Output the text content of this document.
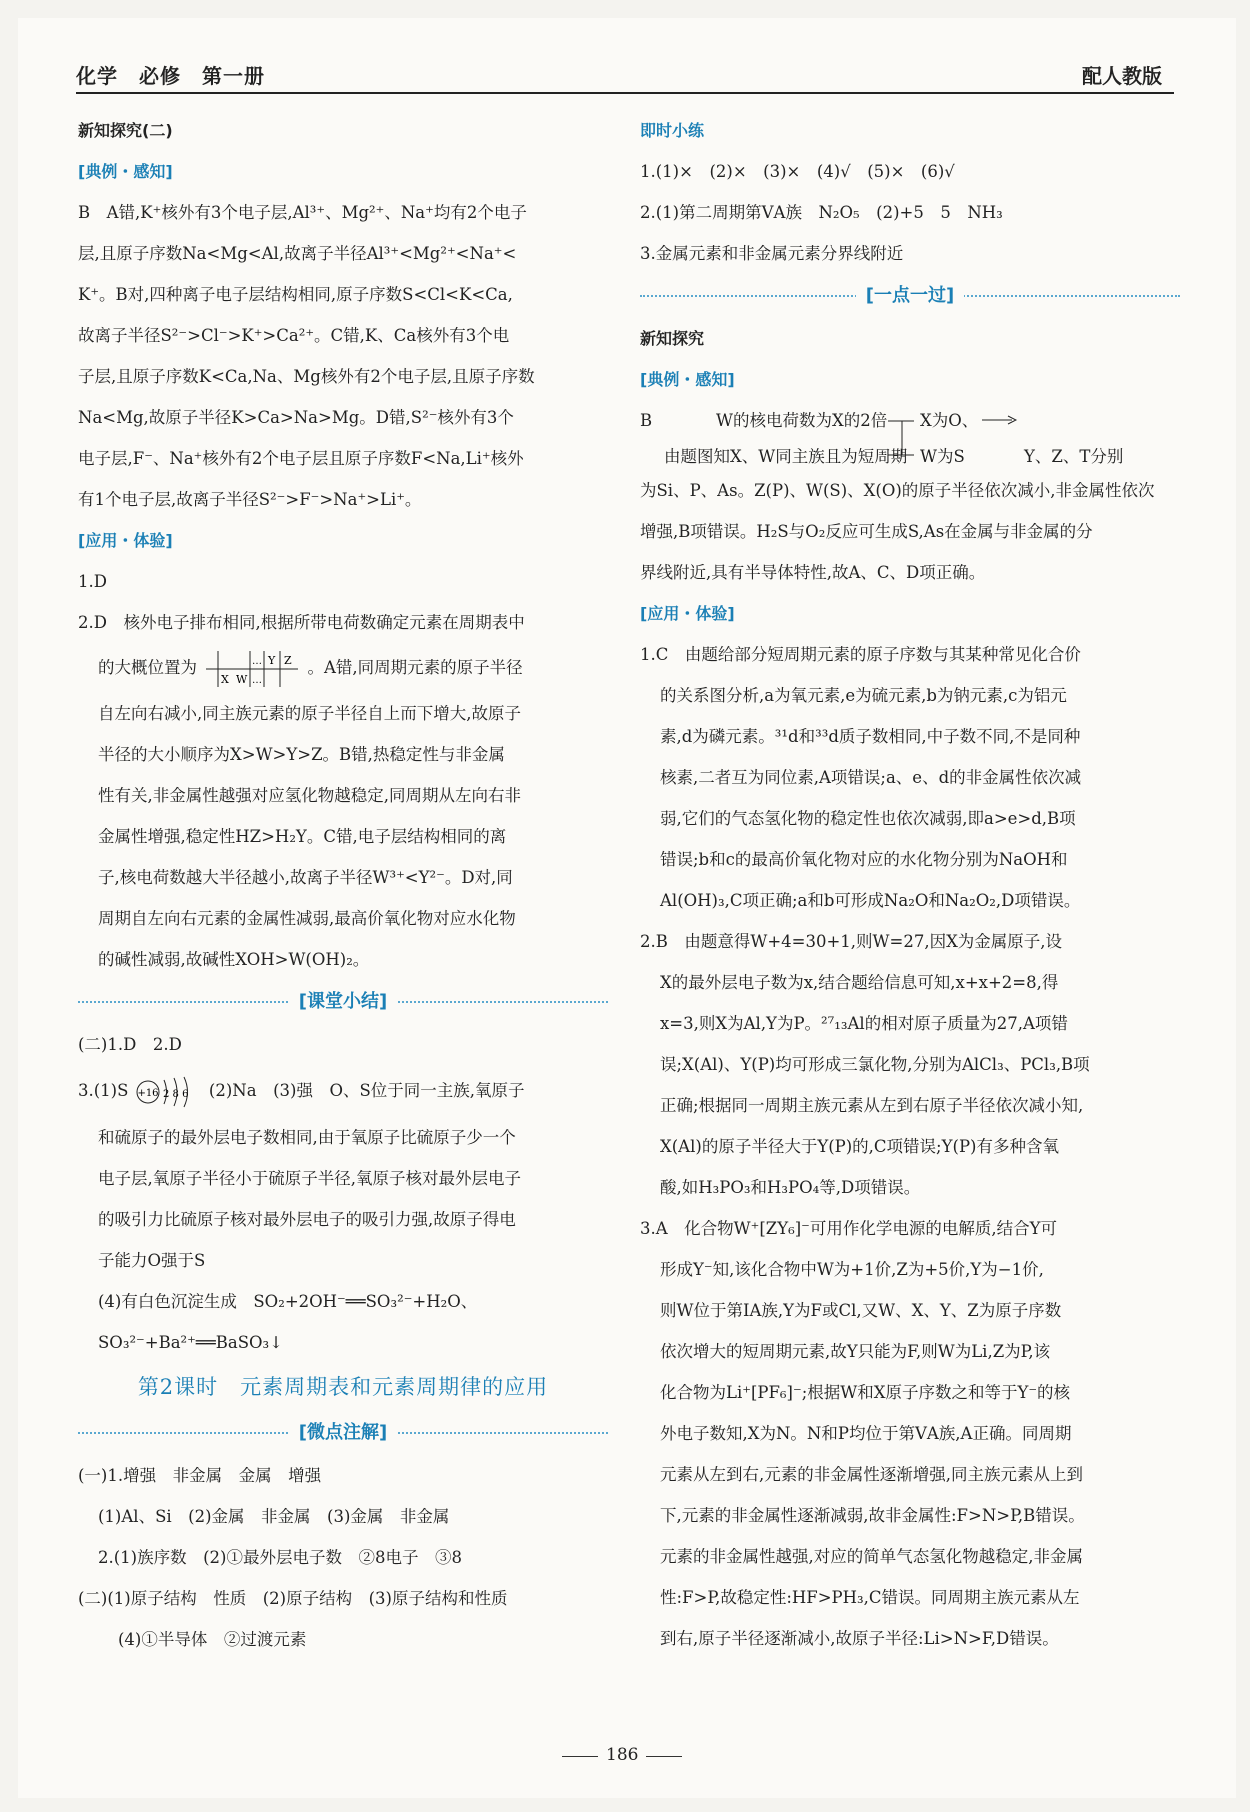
化学　必修　第一册	配人教版

新知探究(二)

[典例・感知]

B　A错,K⁺核外有3个电子层,Al³⁺、Mg²⁺、Na⁺均有2个电子

层,且原子序数Na<Mg<Al,故离子半径Al³⁺<Mg²⁺<Na⁺<

K⁺。B对,四种离子电子层结构相同,原子序数S<Cl<K<Ca,

故离子半径S²⁻>Cl⁻>K⁺>Ca²⁺。C错,K、Ca核外有3个电

子层,且原子序数K<Ca,Na、Mg核外有2个电子层,且原子序数

Na<Mg,故原子半径K>Ca>Na>Mg。D错,S²⁻核外有3个

电子层,F⁻、Na⁺核外有2个电子层且原子序数F<Na,Li⁺核外

有1个电子层,故离子半径S²⁻>F⁻>Na⁺>Li⁺。

[应用・体验]

1.D

2.D　核外电子排布相同,根据所带电荷数确定元素在周期表中

的大概位置为	… Y Z
X W …
。A错,同周期元素的原子半径

自左向右减小,同主族元素的原子半径自上而下增大,故原子

半径的大小顺序为X>W>Y>Z。B错,热稳定性与非金属

性有关,非金属性越强对应氢化物越稳定,同周期从左向右非

金属性增强,稳定性HZ>H₂Y。C错,电子层结构相同的离

子,核电荷数越大半径越小,故离子半径W³⁺<Y²⁻。D对,同

周期自左向右元素的金属性减弱,最高价氧化物对应水化物

的碱性减弱,故碱性XOH>W(OH)₂。

[课堂小结]

(二)1.D　2.D

3.(1)S +16 2 8 6 (2)Na　(3)强　O、S位于同一主族,氧原子

和硫原子的最外层电子数相同,由于氧原子比硫原子少一个

电子层,氧原子半径小于硫原子半径,氧原子核对最外层电子

的吸引力比硫原子核对最外层电子的吸引力强,故原子得电

子能力O强于S

(4)有白色沉淀生成　SO₂+2OH⁻══SO₃²⁻+H₂O、

SO₃²⁻+Ba²⁺══BaSO₃↓

第2课时　元素周期表和元素周期律的应用
[微点注解]

(一)1.增强　非金属　金属　增强

(1)Al、Si　(2)金属　非金属　(3)金属　非金属

2.(1)族序数　(2)①最外层电子数　②8电子　③8

(二)(1)原子结构　性质　(2)原子结构　(3)原子结构和性质

(4)①半导体　②过渡元素

即时小练

1.(1)×　(2)×　(3)×　(4)√　(5)×　(6)√

2.(1)第二周期第ⅤA族　N₂O₅　(2)+5　5　NH₃

3.金属元素和非金属元素分界线附近

[一点一过]

新知探究

[典例・感知]

B	W的核电荷数为X的2倍
由题图知X、W同主族且为短周期
X为O、
W为S	Y、Z、T分别

为Si、P、As。Z(P)、W(S)、X(O)的原子半径依次减小,非金属性依次

增强,B项错误。H₂S与O₂反应可生成S,As在金属与非金属的分

界线附近,具有半导体特性,故A、C、D项正确。

[应用・体验]

1.C　由题给部分短周期元素的原子序数与其某种常见化合价

的关系图分析,a为氧元素,e为硫元素,b为钠元素,c为铝元

素,d为磷元素。³¹d和³³d质子数相同,中子数不同,不是同种

核素,二者互为同位素,A项错误;a、e、d的非金属性依次减

弱,它们的气态氢化物的稳定性也依次减弱,即a>e>d,B项

错误;b和c的最高价氧化物对应的水化物分别为NaOH和

Al(OH)₃,C项正确;a和b可形成Na₂O和Na₂O₂,D项错误。

2.B　由题意得W+4=30+1,则W=27,因X为金属原子,设

X的最外层电子数为x,结合题给信息可知,x+x+2=8,得

x=3,则X为Al,Y为P。²⁷₁₃Al的相对原子质量为27,A项错

误;X(Al)、Y(P)均可形成三氯化物,分别为AlCl₃、PCl₃,B项

正确;根据同一周期主族元素从左到右原子半径依次减小知,

X(Al)的原子半径大于Y(P)的,C项错误;Y(P)有多种含氧

酸,如H₃PO₃和H₃PO₄等,D项错误。

3.A　化合物W⁺[ZY₆]⁻可用作化学电源的电解质,结合Y可

形成Y⁻知,该化合物中W为+1价,Z为+5价,Y为−1价,

则W位于第ⅠA族,Y为F或Cl,又W、X、Y、Z为原子序数

依次增大的短周期元素,故Y只能为F,则W为Li,Z为P,该

化合物为Li⁺[PF₆]⁻;根据W和X原子序数之和等于Y⁻的核

外电子数知,X为N。N和P均位于第ⅤA族,A正确。同周期

元素从左到右,元素的非金属性逐渐增强,同主族元素从上到

下,元素的非金属性逐渐减弱,故非金属性:F>N>P,B错误。

元素的非金属性越强,对应的简单气态氢化物越稳定,非金属

性:F>P,故稳定性:HF>PH₃,C错误。同周期主族元素从左

到右,原子半径逐渐减小,故原子半径:Li>N>F,D错误。

186
